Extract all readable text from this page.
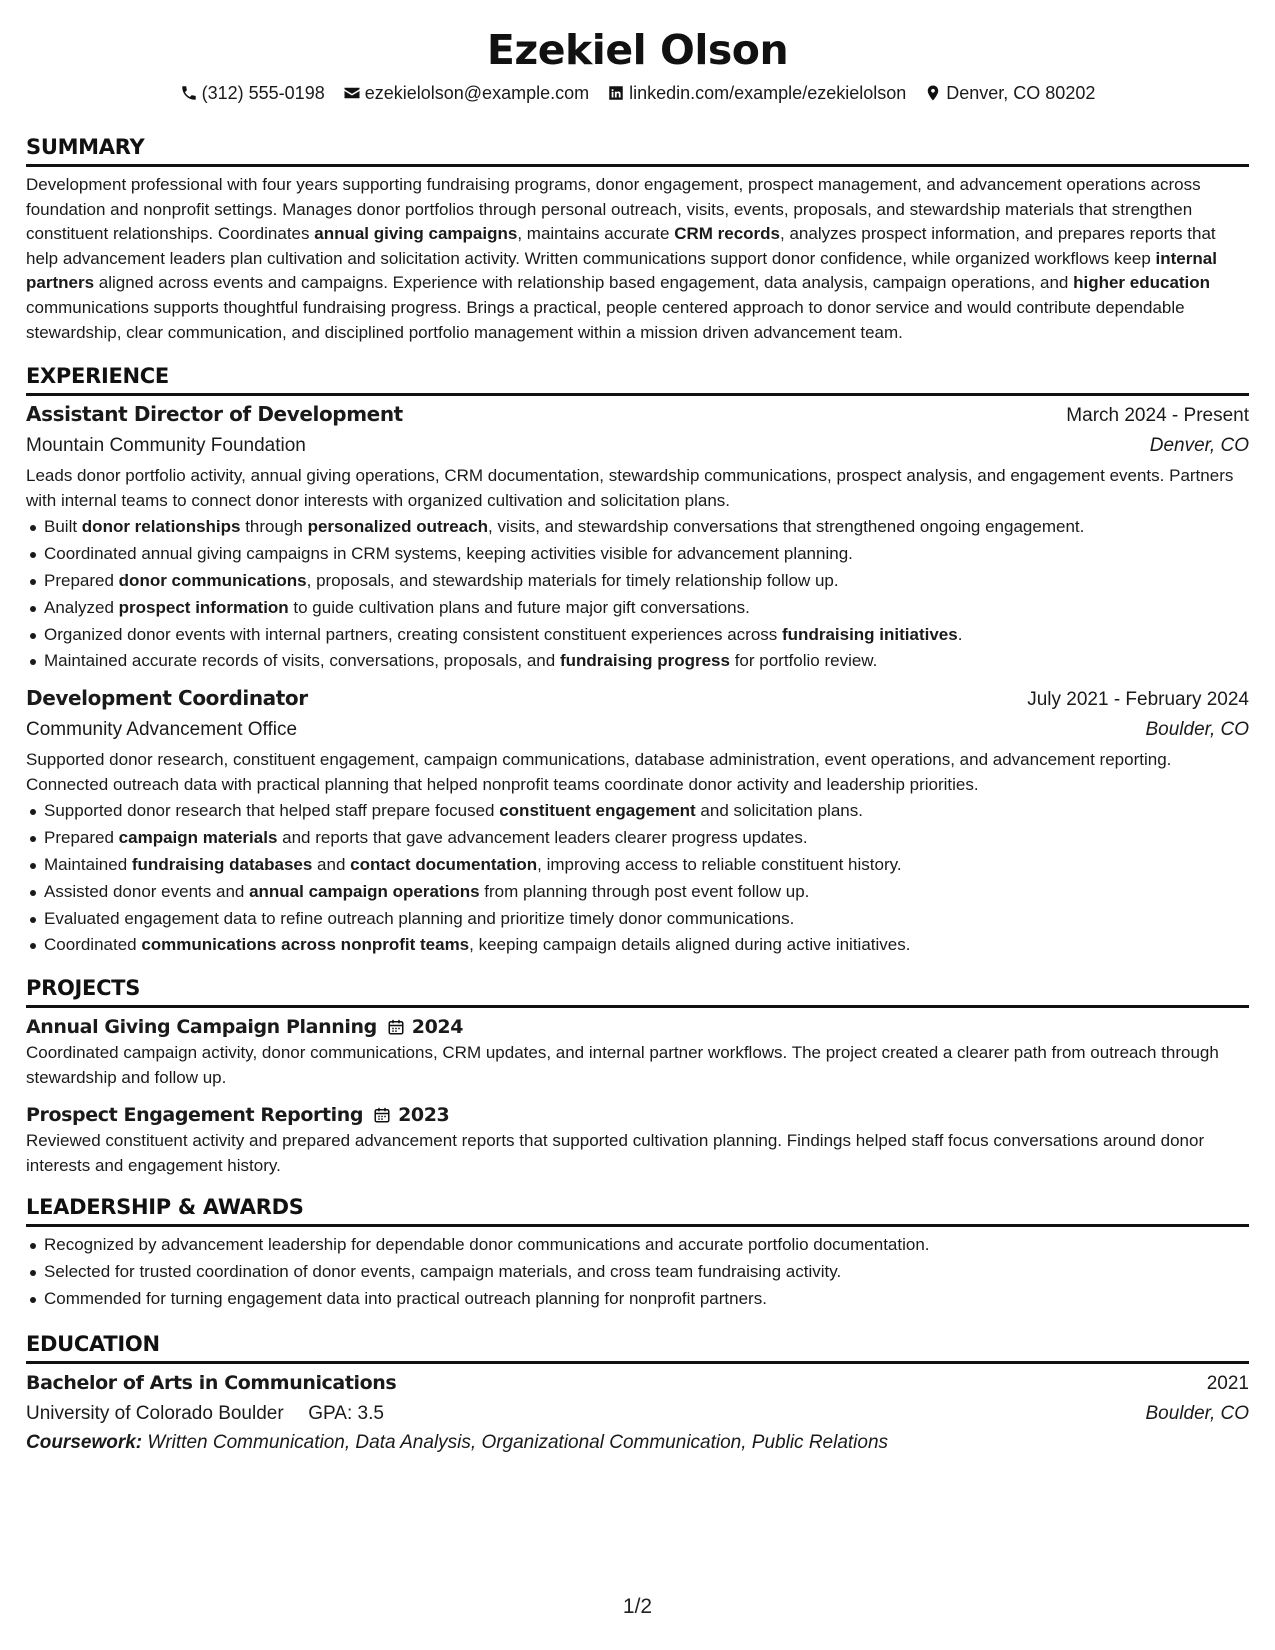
Ezekiel Olson
(312) 555-0198 ezekielolson@example.com linkedin.com/example/ezekielolson Denver, CO 80202
SUMMARY

Development professional with four years supporting fundraising programs, donor engagement, prospect management, and advancement operations across foundation and nonprofit settings. Manages donor portfolios through personal outreach, visits, events, proposals, and stewardship materials that strengthen constituent relationships. Coordinates annual giving campaigns, maintains accurate CRM records, analyzes prospect information, and prepares reports that help advancement leaders plan cultivation and solicitation activity. Written communications support donor confidence, while organized workflows keep internal partners aligned across events and campaigns. Experience with relationship based engagement, data analysis, campaign operations, and higher education communications supports thoughtful fundraising progress. Brings a practical, people centered approach to donor service and would contribute dependable stewardship, clear communication, and disciplined portfolio management within a mission driven advancement team.

EXPERIENCE
Assistant Director of Development	March 2024 - Present
Mountain Community Foundation	Denver, CO

Leads donor portfolio activity, annual giving operations, CRM documentation, stewardship communications, prospect analysis, and engagement events. Partners with internal teams to connect donor interests with organized cultivation and solicitation plans.

Built donor relationships through personalized outreach, visits, and stewardship conversations that strengthened ongoing engagement.
Coordinated annual giving campaigns in CRM systems, keeping activities visible for advancement planning.
Prepared donor communications, proposals, and stewardship materials for timely relationship follow up.
Analyzed prospect information to guide cultivation plans and future major gift conversations.
Organized donor events with internal partners, creating consistent constituent experiences across fundraising initiatives.
Maintained accurate records of visits, conversations, proposals, and fundraising progress for portfolio review.
Development Coordinator	July 2021 - February 2024
Community Advancement Office	Boulder, CO

Supported donor research, constituent engagement, campaign communications, database administration, event operations, and advancement reporting. Connected outreach data with practical planning that helped nonprofit teams coordinate donor activity and leadership priorities.

Supported donor research that helped staff prepare focused constituent engagement and solicitation plans.
Prepared campaign materials and reports that gave advancement leaders clearer progress updates.
Maintained fundraising databases and contact documentation, improving access to reliable constituent history.
Assisted donor events and annual campaign operations from planning through post event follow up.
Evaluated engagement data to refine outreach planning and prioritize timely donor communications.
Coordinated communications across nonprofit teams, keeping campaign details aligned during active initiatives.
PROJECTS
Annual Giving Campaign Planning 2024

Coordinated campaign activity, donor communications, CRM updates, and internal partner workflows. The project created a clearer path from outreach through stewardship and follow up.

Prospect Engagement Reporting 2023

Reviewed constituent activity and prepared advancement reports that supported cultivation planning. Findings helped staff focus conversations around donor interests and engagement history.

LEADERSHIP & AWARDS
Recognized by advancement leadership for dependable donor communications and accurate portfolio documentation.
Selected for trusted coordination of donor events, campaign materials, and cross team fundraising activity.
Commended for turning engagement data into practical outreach planning for nonprofit partners.
EDUCATION
Bachelor of Arts in Communications	2021
University of Colorado Boulder GPA: 3.5	Boulder, CO
Coursework: Written Communication, Data Analysis, Organizational Communication, Public Relations
1/2
